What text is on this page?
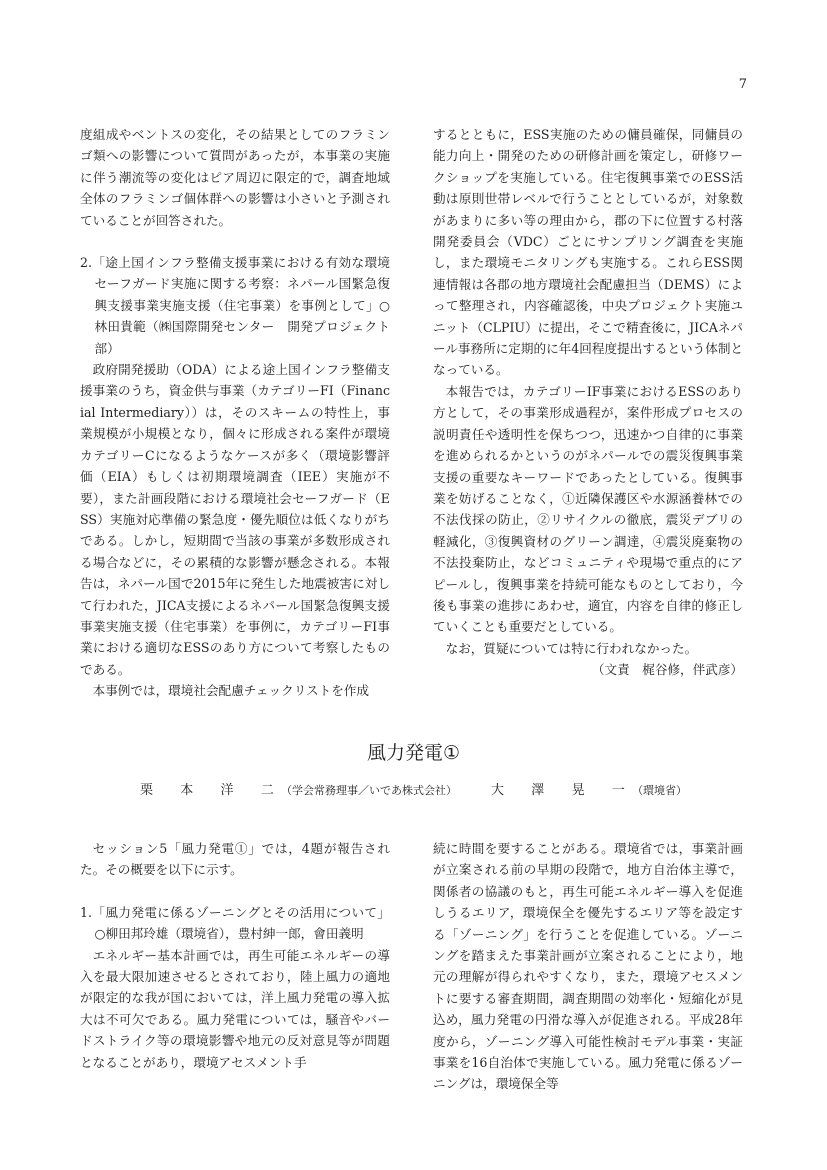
7

度組成やベントスの変化，その結果としてのフラミンゴ類への影響について質問があったが，本事業の実施に伴う潮流等の変化はピア周辺に限定的で，調査地域全体のフラミンゴ個体群への影響は小さいと予測されていることが回答された。

2.「途上国インフラ整備支援事業における有効な環境セーフガード実施に関する考察：ネパール国緊急復興支援事業実施支援（住宅事業）を事例として」○林田貴範（㈱国際開発センター　開発プロジェクト部）

政府開発援助（ODA）による途上国インフラ整備支援事業のうち，資金供与事業（カテゴリーFI（Financial Intermediary））は，そのスキームの特性上，事業規模が小規模となり，個々に形成される案件が環境カテゴリーCになるようなケースが多く（環境影響評価（EIA）もしくは初期環境調査（IEE）実施が不要），また計画段階における環境社会セーフガード（ESS）実施対応準備の緊急度・優先順位は低くなりがちである。しかし，短期間で当該の事業が多数形成される場合などに，その累積的な影響が懸念される。本報告は，ネパール国で2015年に発生した地震被害に対して行われた，JICA支援によるネパール国緊急復興支援事業実施支援（住宅事業）を事例に，カテゴリーFI事業における適切なESSのあり方について考察したものである。

本事例では，環境社会配慮チェックリストを作成

するとともに，ESS実施のための傭員確保，同傭員の能力向上・開発のための研修計画を策定し，研修ワークショップを実施している。住宅復興事業でのESS活動は原則世帯レベルで行うこととしているが，対象数があまりに多い等の理由から，郡の下に位置する村落開発委員会（VDC）ごとにサンプリング調査を実施し，また環境モニタリングも実施する。これらESS関連情報は各郡の地方環境社会配慮担当（DEMS）によって整理され，内容確認後，中央プロジェクト実施ユニット（CLPIU）に提出，そこで精査後に，JICAネパール事務所に定期的に年4回程度提出するという体制となっている。

本報告では，カテゴリーIF事業におけるESSのあり方として，その事業形成過程が，案件形成プロセスの説明責任や透明性を保ちつつ，迅速かつ自律的に事業を進められるかというのがネパールでの震災復興事業支援の重要なキーワードであったとしている。復興事業を妨げることなく，①近隣保護区や水源涵養林での不法伐採の防止，②リサイクルの徹底，震災デブリの軽減化，③復興資材のグリーン調達，④震災廃棄物の不法投棄防止，などコミュニティや現場で重点的にアピールし，復興事業を持続可能なものとしており，今後も事業の進捗にあわせ，適宜，内容を自律的修正していくことも重要だとしている。

なお，質疑については特に行われなかった。

（文責　梶谷修，伴武彦）

風力発電①
栗　本　洋　二（学会常務理事／いであ株式会社）	大　澤　晃　一（環境省）

セッション5「風力発電①」では，4題が報告された。その概要を以下に示す。

1.「風力発電に係るゾーニングとその活用について」○柳田邦玲雄（環境省），豊村紳一郎，會田義明

エネルギー基本計画では，再生可能エネルギーの導入を最大限加速させるとされており，陸上風力の適地が限定的な我が国においては，洋上風力発電の導入拡大は不可欠である。風力発電については，騒音やバードストライク等の環境影響や地元の反対意見等が問題となることがあり，環境アセスメント手

続に時間を要することがある。環境省では，事業計画が立案される前の早期の段階で，地方自治体主導で，関係者の協議のもと，再生可能エネルギー導入を促進しうるエリア，環境保全を優先するエリア等を設定する「ゾーニング」を行うことを促進している。ゾーニングを踏まえた事業計画が立案されることにより，地元の理解が得られやすくなり，また，環境アセスメントに要する審査期間，調査期間の効率化・短縮化が見込め，風力発電の円滑な導入が促進される。平成28年度から，ゾーニング導入可能性検討モデル事業・実証事業を16自治体で実施している。風力発電に係るゾーニングは，環境保全等
